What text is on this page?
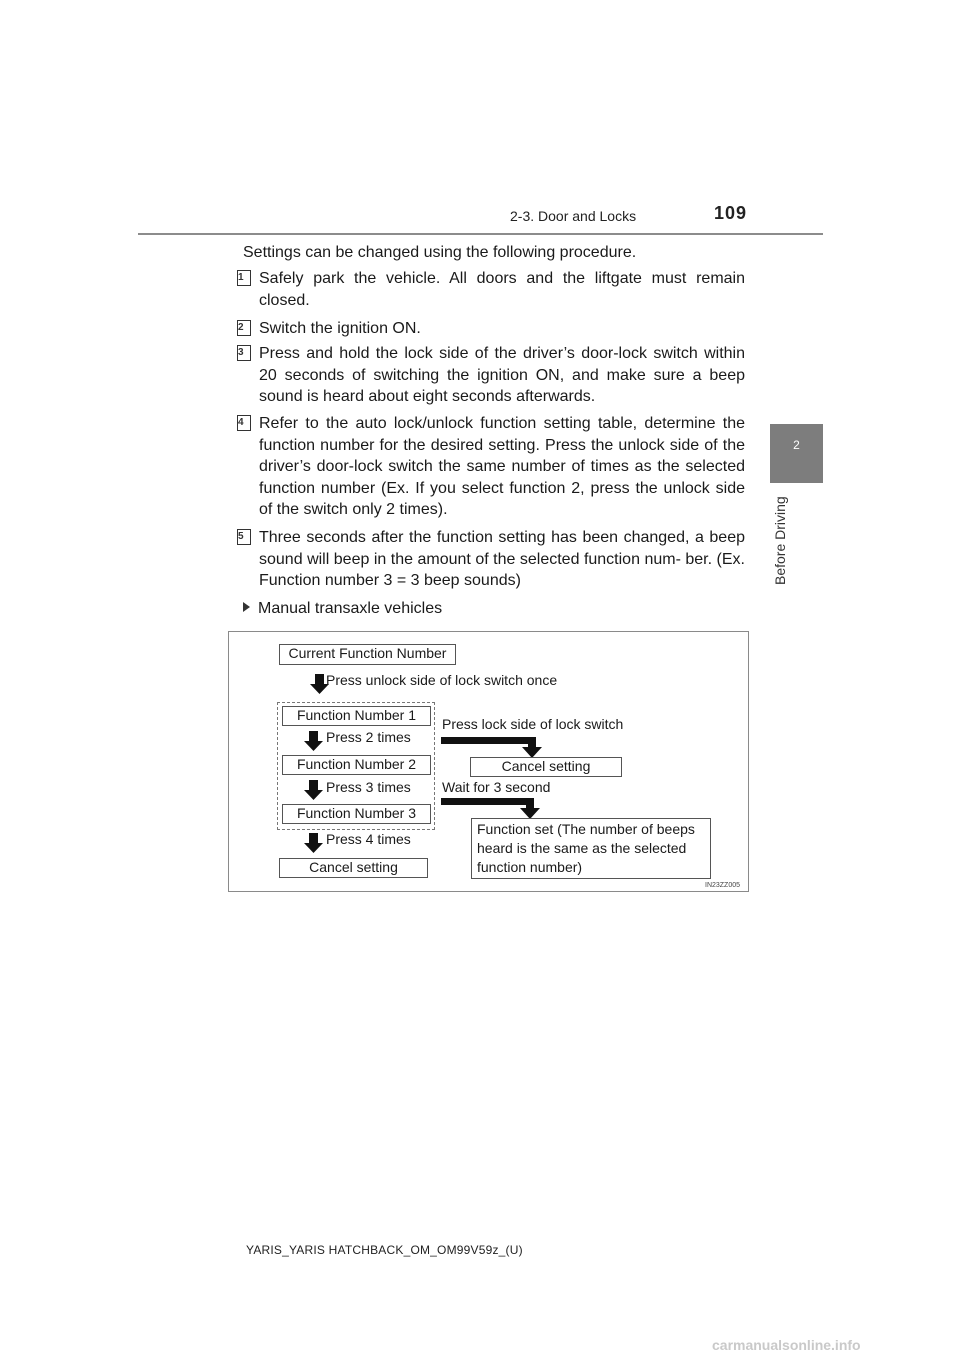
2-3. Door and Locks	109
2
Before Driving
Settings can be changed using the following procedure.
1 Safely park the vehicle. All doors and the liftgate must remain closed.
2 Switch the ignition ON.
3 Press and hold the lock side of the driver’s door-lock switch within 20 seconds of switching the ignition ON, and make sure a beep sound is heard about eight seconds afterwards.
4 Refer to the auto lock/unlock function setting table, determine the function number for the desired setting. Press the unlock side of the driver’s door-lock switch the same number of times as the selected function number (Ex. If you select function 2, press the unlock side of the switch only 2 times).
5 Three seconds after the function setting has been changed, a beep sound will beep in the amount of the selected function num- ber. (Ex. Function number 3 = 3 beep sounds)
Manual transaxle vehicles
Current Function Number
Press unlock side of lock switch once
Function Number 1
Press 2 times
Function Number 2
Press 3 times
Function Number 3
Press 4 times
Cancel setting
Press lock side of lock switch
Cancel setting
Wait for 3 second
Function set (The number of beeps heard is the same as the selected function number)
IN23ZZ005
YARIS_YARIS HATCHBACK_OM_OM99V59z_(U)
carmanualsonline.info
